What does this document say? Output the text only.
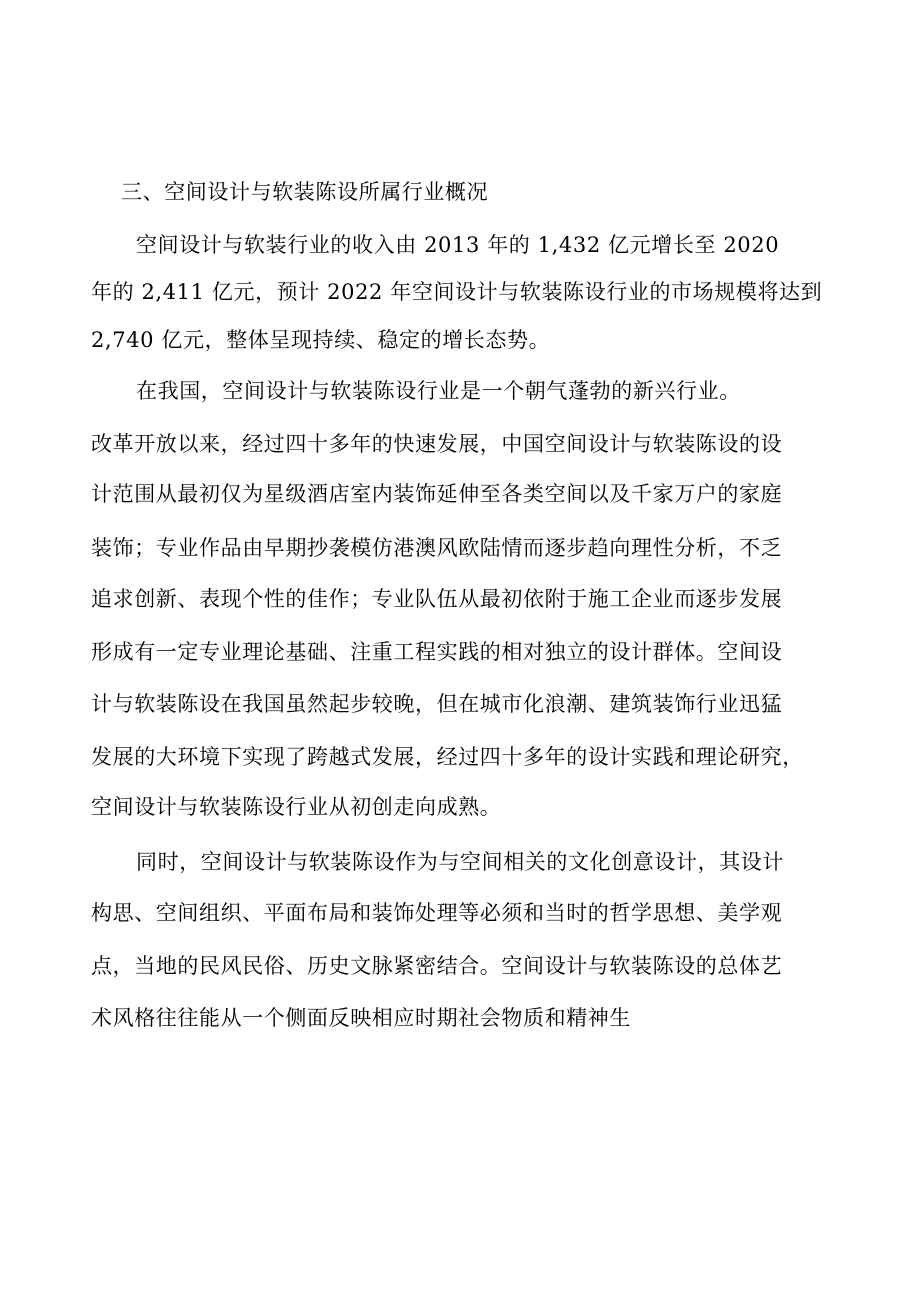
三、空间设计与软装陈设所属行业概况
空间设计与软装行业的收入由 2013 年的 1,432 亿元增长至 2020
年的 2,411 亿元，预计 2022 年空间设计与软装陈设行业的市场规模将达到
2,740 亿元，整体呈现持续、稳定的增长态势。
在我国，空间设计与软装陈设行业是一个朝气蓬勃的新兴行业。
改革开放以来，经过四十多年的快速发展，中国空间设计与软装陈设的设
计范围从最初仅为星级酒店室内装饰延伸至各类空间以及千家万户的家庭
装饰；专业作品由早期抄袭模仿港澳风欧陆情而逐步趋向理性分析，不乏
追求创新、表现个性的佳作；专业队伍从最初依附于施工企业而逐步发展
形成有一定专业理论基础、注重工程实践的相对独立的设计群体。空间设
计与软装陈设在我国虽然起步较晚，但在城市化浪潮、建筑装饰行业迅猛
发展的大环境下实现了跨越式发展，经过四十多年的设计实践和理论研究，
空间设计与软装陈设行业从初创走向成熟。
同时，空间设计与软装陈设作为与空间相关的文化创意设计，其设计
构思、空间组织、平面布局和装饰处理等必须和当时的哲学思想、美学观
点，当地的民风民俗、历史文脉紧密结合。空间设计与软装陈设的总体艺
术风格往往能从一个侧面反映相应时期社会物质和精神生
